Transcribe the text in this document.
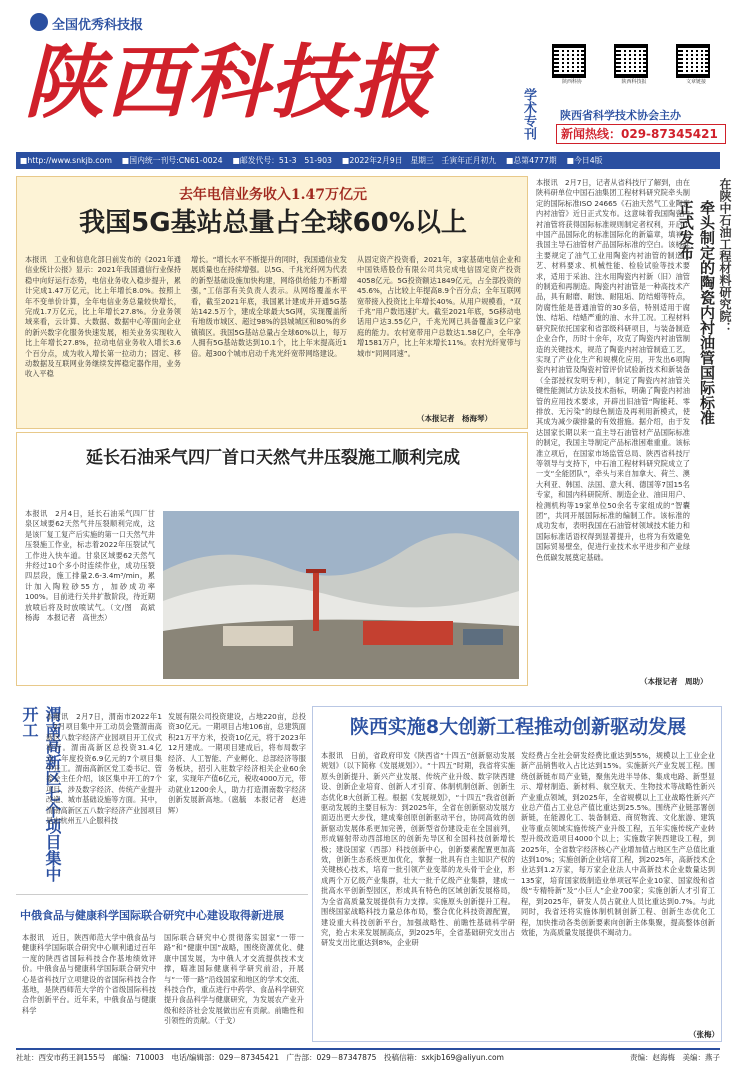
全国优秀科技报
陕西科技报	学术专刊
陕西科协	陕西科技报	文章链接
陕西省科学技术协会主办
新闻热线：029-87345421
■http://www.snkjb.com ■国内统一刊号:CN61-0024 ■邮发代号：51-3　51-903 ■2022年2月9日　星期三　壬寅年正月初九 ■总第4777期 ■今日4版
去年电信业务收入1.47万亿元
我国5G基站总量占全球60%以上
本报讯　工业和信息化部日前发布的《2021年通信业统计公报》显示：2021年我国通信行业保持稳中向好运行态势，电信业务收入稳步提升，累计完成1.47万亿元，比上年增长8.0%。按照上年不变单价计算，全年电信业务总量较快增长，完成1.7万亿元，比上年增长27.8%。分业务领域来看，云计算、大数据、数据中心等面向企业的新兴数字化服务快速发展，相关业务实现收入比上年增长27.8%，拉动电信业务收入增长3.6个百分点，成为收入增长第一拉动力；固定、移动数据及互联网业务继续发挥稳定器作用，业务收入平稳
增长。“增长水平不断提升的同时，我国通信业发展质量也在持续增强。以5G、千兆光纤网为代表的新型基础设施加快构建，网络供给能力不断增强，”工信部有关负责人表示。从网络覆盖水平看，截至2021年底，我国累计建成并开通5G基站142.5万个，建成全球最大5G网，实现覆盖所有地级市城区、超过98%的县城城区和80%的乡镇镇区。我国5G基站总量占全球60%以上，每万人拥有5G基站数达到10.1个，比上年末提高近1倍。超300个城市启动千兆光纤宽带网络建设。
从固定资产投资看，2021年，3家基础电信企业和中国铁塔股份有限公司共完成电信固定资产投资4058亿元。5G投资额达1849亿元，占全部投资的45.6%，占比较上年提高8.9个百分点；全年互联网宽带接入投资比上年增长40%。从用户规模看，“双千兆”用户数迅速扩大。截至2021年底，5G移动电话用户达3.55亿户，千兆光网已具备覆盖3亿户家庭的能力。农村宽带用户总数达1.58亿户，全年净增1581万户，比上年末增长11%。农村光纤宽带与城市“同网同速”。
（本报记者　杨海琴）
延长石油采气四厂首口天然气井压裂施工顺利完成
本报讯　2月4日，延长石油采气四厂甘泉区域要62天然气井压裂顺利完成，这是该厂复工复产后实施的第一口天然气井压裂施工作业，标志着2022年压裂试气工作进入快车道。甘泉区域要62天然气井经过10个多小时连续作业，成功压裂四层段，施工排量2.6-3.4m³/min，累计加入陶粒砂55方，加砂成功率100%。目前进行关井扩散阶段，待近期放喷后将及时放喷试气。（文/图　高斌　杨海　本报记者　高世杰）
在陕中石油工程材料研究院：
牵头制定的陶瓷内衬油管国际标准正式发布
本报讯　2月7日，记者从省科技厅了解到，由在陕科研单位中国石油集团工程材料研究院牵头制定的国际标准ISO 24665《石油天然气工业陶瓷内衬油管》近日正式发布。这意味着我国陶瓷内衬油管将获得国际标准规则制定者权利，开启了中国产品国际化的标准国际化的新篇章，填补了我国主导石油管材产品国际标准的空白。该标准主要规定了油气工业用陶瓷内衬油管的制造工艺、材料要求、机械性能、检验试验等技术要求，适用于采油、注水用陶瓷内衬新（旧）油管的制造和再制造。陶瓷内衬油管是一种高技术产品，具有耐磨、耐蚀、耐阻垢、防结蜡等特点，防腐性能是普通油管的30多倍，特别适用于腐蚀、结垢、结蜡严重的油、水井工况。工程材料研究院依托国家和省部级科研项目，与装备制造企业合作，历时十余年，攻克了陶瓷内衬油管制造的关键技术，规范了陶瓷内衬油管制造工艺，实现了产业化生产和规模化应用，开发出6项陶瓷内衬油管及陶瓷衬管评价试验新技术和新装备（全部授权发明专利），制定了陶瓷内衬油管关键性能测试方法及技术指标，明确了陶瓷内衬油管的应用技术要求，开辟出旧油管“陶能耗、零排放、无污染”的绿色制造及再利用新模式，使其成为减少碳排量的有效措施。据介绍，由于发达国家长期以来一直主导石油管材产品国际标准的制定，我国主导制定产品标准困难重重。该标准立项后，在国家市场监管总局、陕西省科技厅等领导与支持下，中石油工程材料研究院成立了一支“全能团队”，牵头与来自加拿大、荷兰、澳大利亚、韩国、法国、意大利、德国等7国15名专家，和国内科研院所、制造企业、油田用户、检测机构等19家单位50余名专家组成的“智囊团”，共同开展国际标准的编制工作。该标准的成功发布，表明我国在石油管材领域技术能力和国际标准话语权得到显著提升，也将为有效避免国际贸易壁垒，促进行业技术水平进步和产业绿色低碳发展奠定基础。
（本报记者　周助）
渭南高新区七个项目集中开工 本报讯　2月7日，渭南市2022年1－2月项目集中开工动员会暨渭南高新区八数字经济产业园项目开工仪式举行。渭南高新区总投资31.4亿元，年度投资6.9亿元的7个项目集中开工。渭南高新区党工委书记、管委会主任介绍，该区集中开工的7个项目，涉及数字经济、传统产业提升改造、城市基础设施等方面。其中，渭南高新区五八数字经济产业园项目是由杭州五八企服科技
发展有限公司投资建设，占地220亩，总投资30亿元。一期项目占地106亩，总建筑面积21万平方米，投资10亿元，将于2023年12月建成。一期项目建成后，将布局数字经济、人工智能、产业孵化、总部经济等服务板块，招引入驻数字经济相关企业60余家，实现年产值6亿元，税收4000万元，带动就业1200余人，助力打造渭南数字经济创新发展新高地。（扈毓　本报记者　赵进辉）
中俄食品与健康科学国际联合研究中心建设取得新进展
本报讯　近日，陕西师范大学中俄食品与健康科学国际联合研究中心顺利通过百年一度的陕西省国际科技合作基地绩效评价。中俄食品与健康科学国际联合研究中心是省科技厅立项建设的省国际科技合作基地，是陕西师范大学的个省级国际科技合作创新平台。近年来，中俄食品与健康科学
国际联合研究中心贯彻落实国家“一带一路”和“健康中国”战略，围绕资源优化、健康中国发展，为中俄人才交流提供技术支撑，瞄准国际健康科学研究前沿，开展与“一带一路”沿线国家和地区的学术交流、科技合作，重点进行中药学、食品科学研究提升食品科学与健康研究，为发展农产业升级和经济社会发展做出应有贡献。前瞻性和引领性的贡献。（于戈）
陕西实施8大创新工程推动创新驱动发展
本报讯　日前，省政府印发《陕西省“十四五”创新驱动发展规划》（以下简称《发展规划》）。“十四五”时期，我省将实施原头创新提升、新兴产业发展、传统产业升级、数字陕西建设、创新企业培育、创新人才引育、体制机制创新、创新生态优化8大创新工程。根据《发展规划》，“十四五”我省创新驱动发展的主要目标为：到2025年，全省在创新驱动发展方面迈出更大步伐，建成秦创原创新驱动平台，协同高效的创新驱动发展体系更加完善，创新型省份建设走在全国前列，形成辐射带动西部地区的创新先导区和全国科技创新增长极；建设国家（西部）科技创新中心，创新要素配置更加高效，创新生态系统更加优化，掌握一批具有自主知识产权的关键核心技术，培育一批引领产业变革的龙头骨干企业，形成两个万亿级产业集群，壮大一批千亿级产业集群，建成一批高水平创新型园区，形成具有特色的区域创新发展格局，为全省高质量发展提供有力支撑。实施原头创新提升工程。围绕国家战略科技力量总体布局，整合优化科技资源配置，建设重大科技创新平台，加强战略性、前瞻性基础科学研究，抢占未来发展制高点，到2025年，全省基础研究支出占研发支出比重达到8%，企业研
发经费占全社会研发经费比重达到55%，规模以上工业企业新产品销售收入占比达到15%。实施新兴产业发展工程。围绕创新链布局产业链，聚焦先进半导体、集成电路、新型显示、增材制造、新材料、航空航天、生物技术等战略性新兴产业重点领域，到2025年，全省规模以上工业战略性新兴产业总产值占工业总产值比重达到25.5%。围绕产业链部署创新链，在能源化工、装备制造、商贸物流、文化旅游、建筑业等重点领域实施传统产业升级工程，五年实施传统产业转型升级改造项目4000个以上；实施数字陕西建设工程，到2025年，全省数字经济核心产业增加值占地区生产总值比重达到10%；实施创新企业培育工程，到2025年，高新技术企业达到1.2万家，每万家企业法人中高新技术企业数量达到135家，培育国家级制造业单项冠军企业10家、国家级和省级“专精特新”及“小巨人”企业700家；实施创新人才引育工程，到2025年，研发人员占就业人员比重达到0.7%。与此同时，我省还将实施体制机制创新工程、创新生态优化工程，加快推动各类创新要素向创新主体集聚，提高整体创新效能，为高质量发展提供不竭动力。
（张梅）
社址：西安市药王洞155号　邮编：710003　电话/编辑部：029－87345421　广告部：029－87347875　投稿信箱：sxkjb169@aliyun.com	责编：赵海梅　美编：燕子
